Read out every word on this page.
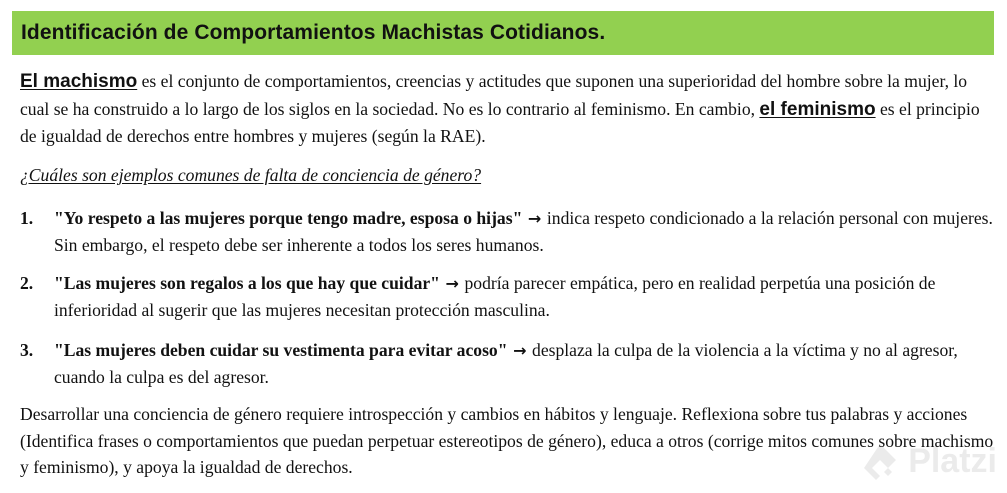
Identificación de Comportamientos Machistas Cotidianos.

El machismo es el conjunto de comportamientos, creencias y actitudes que suponen una superioridad del hombre sobre la mujer, lo cual se ha construido a lo largo de los siglos en la sociedad. No es lo contrario al feminismo. En cambio, el feminismo es el principio de igualdad de derechos entre hombres y mujeres (según la RAE).

¿Cuáles son ejemplos comunes de falta de conciencia de género?

1. "Yo respeto a las mujeres porque tengo madre, esposa o hijas" → indica respeto condicionado a la relación personal con mujeres. Sin embargo, el respeto debe ser inherente a todos los seres humanos.
2. "Las mujeres son regalos a los que hay que cuidar" → podría parecer empática, pero en realidad perpetúa una posición de inferioridad al sugerir que las mujeres necesitan protección masculina.
3. "Las mujeres deben cuidar su vestimenta para evitar acoso" → desplaza la culpa de la violencia a la víctima y no al agresor, cuando la culpa es del agresor.

Desarrollar una conciencia de género requiere introspección y cambios en hábitos y lenguaje. Reflexiona sobre tus palabras y acciones (Identifica frases o comportamientos que puedan perpetuar estereotipos de género), educa a otros (corrige mitos comunes sobre machismo y feminismo), y apoya la igualdad de derechos.	Platzi
